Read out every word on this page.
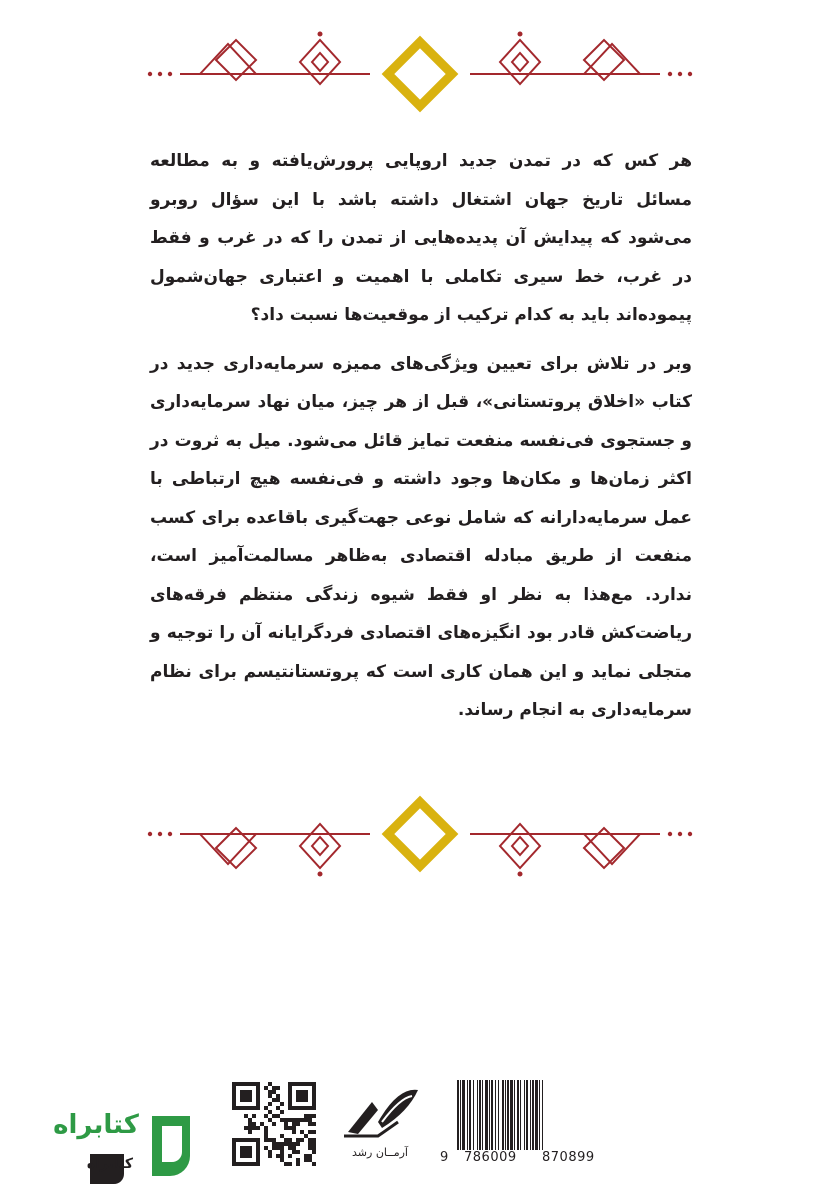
هر کس که در تمدن جدید اروپایی پرورش‌یافته و به مطالعه مسائل تاریخ جهان اشتغال داشته باشد با این سؤال روبرو می‌شود که پیدایش آن پدیده‌هایی از تمدن را که در غرب و فقط در غرب، خط سیری تکاملی با اهمیت و اعتباری جهان‌شمول پیموده‌اند باید به کدام ترکیب از موقعیت‌ها نسبت داد؟

وبر در تلاش برای تعیین ویژگی‌های ممیزه سرمایه‌داری جدید در کتاب «اخلاق پروتستانی»، قبل از هر چیز، میان نهاد سرمایه‌داری و جستجوی فی‌نفسه منفعت تمایز قائل می‌شود. میل به ثروت در اکثر زمان‌ها و مکان‌ها وجود داشته و فی‌نفسه هیچ ارتباطی با عمل سرمایه‌دارانه که شامل نوعی جهت‌گیری باقاعده برای کسب منفعت از طریق مبادله اقتصادی به‌ظاهر مسالمت‌آمیز است، ندارد. مع‌هذا به نظر او فقط شیوه زندگی منتظم فرقه‌های ریاضت‌کش قادر بود انگیزه‌های اقتصادی فردگرایانه آن را توجیه و متجلی نماید و این همان کاری است که پروتستانتیسم برای نظام سرمایه‌داری به انجام رساند.

کتابراه
کتابراه
آرمــان رشد	9 786009 870899
